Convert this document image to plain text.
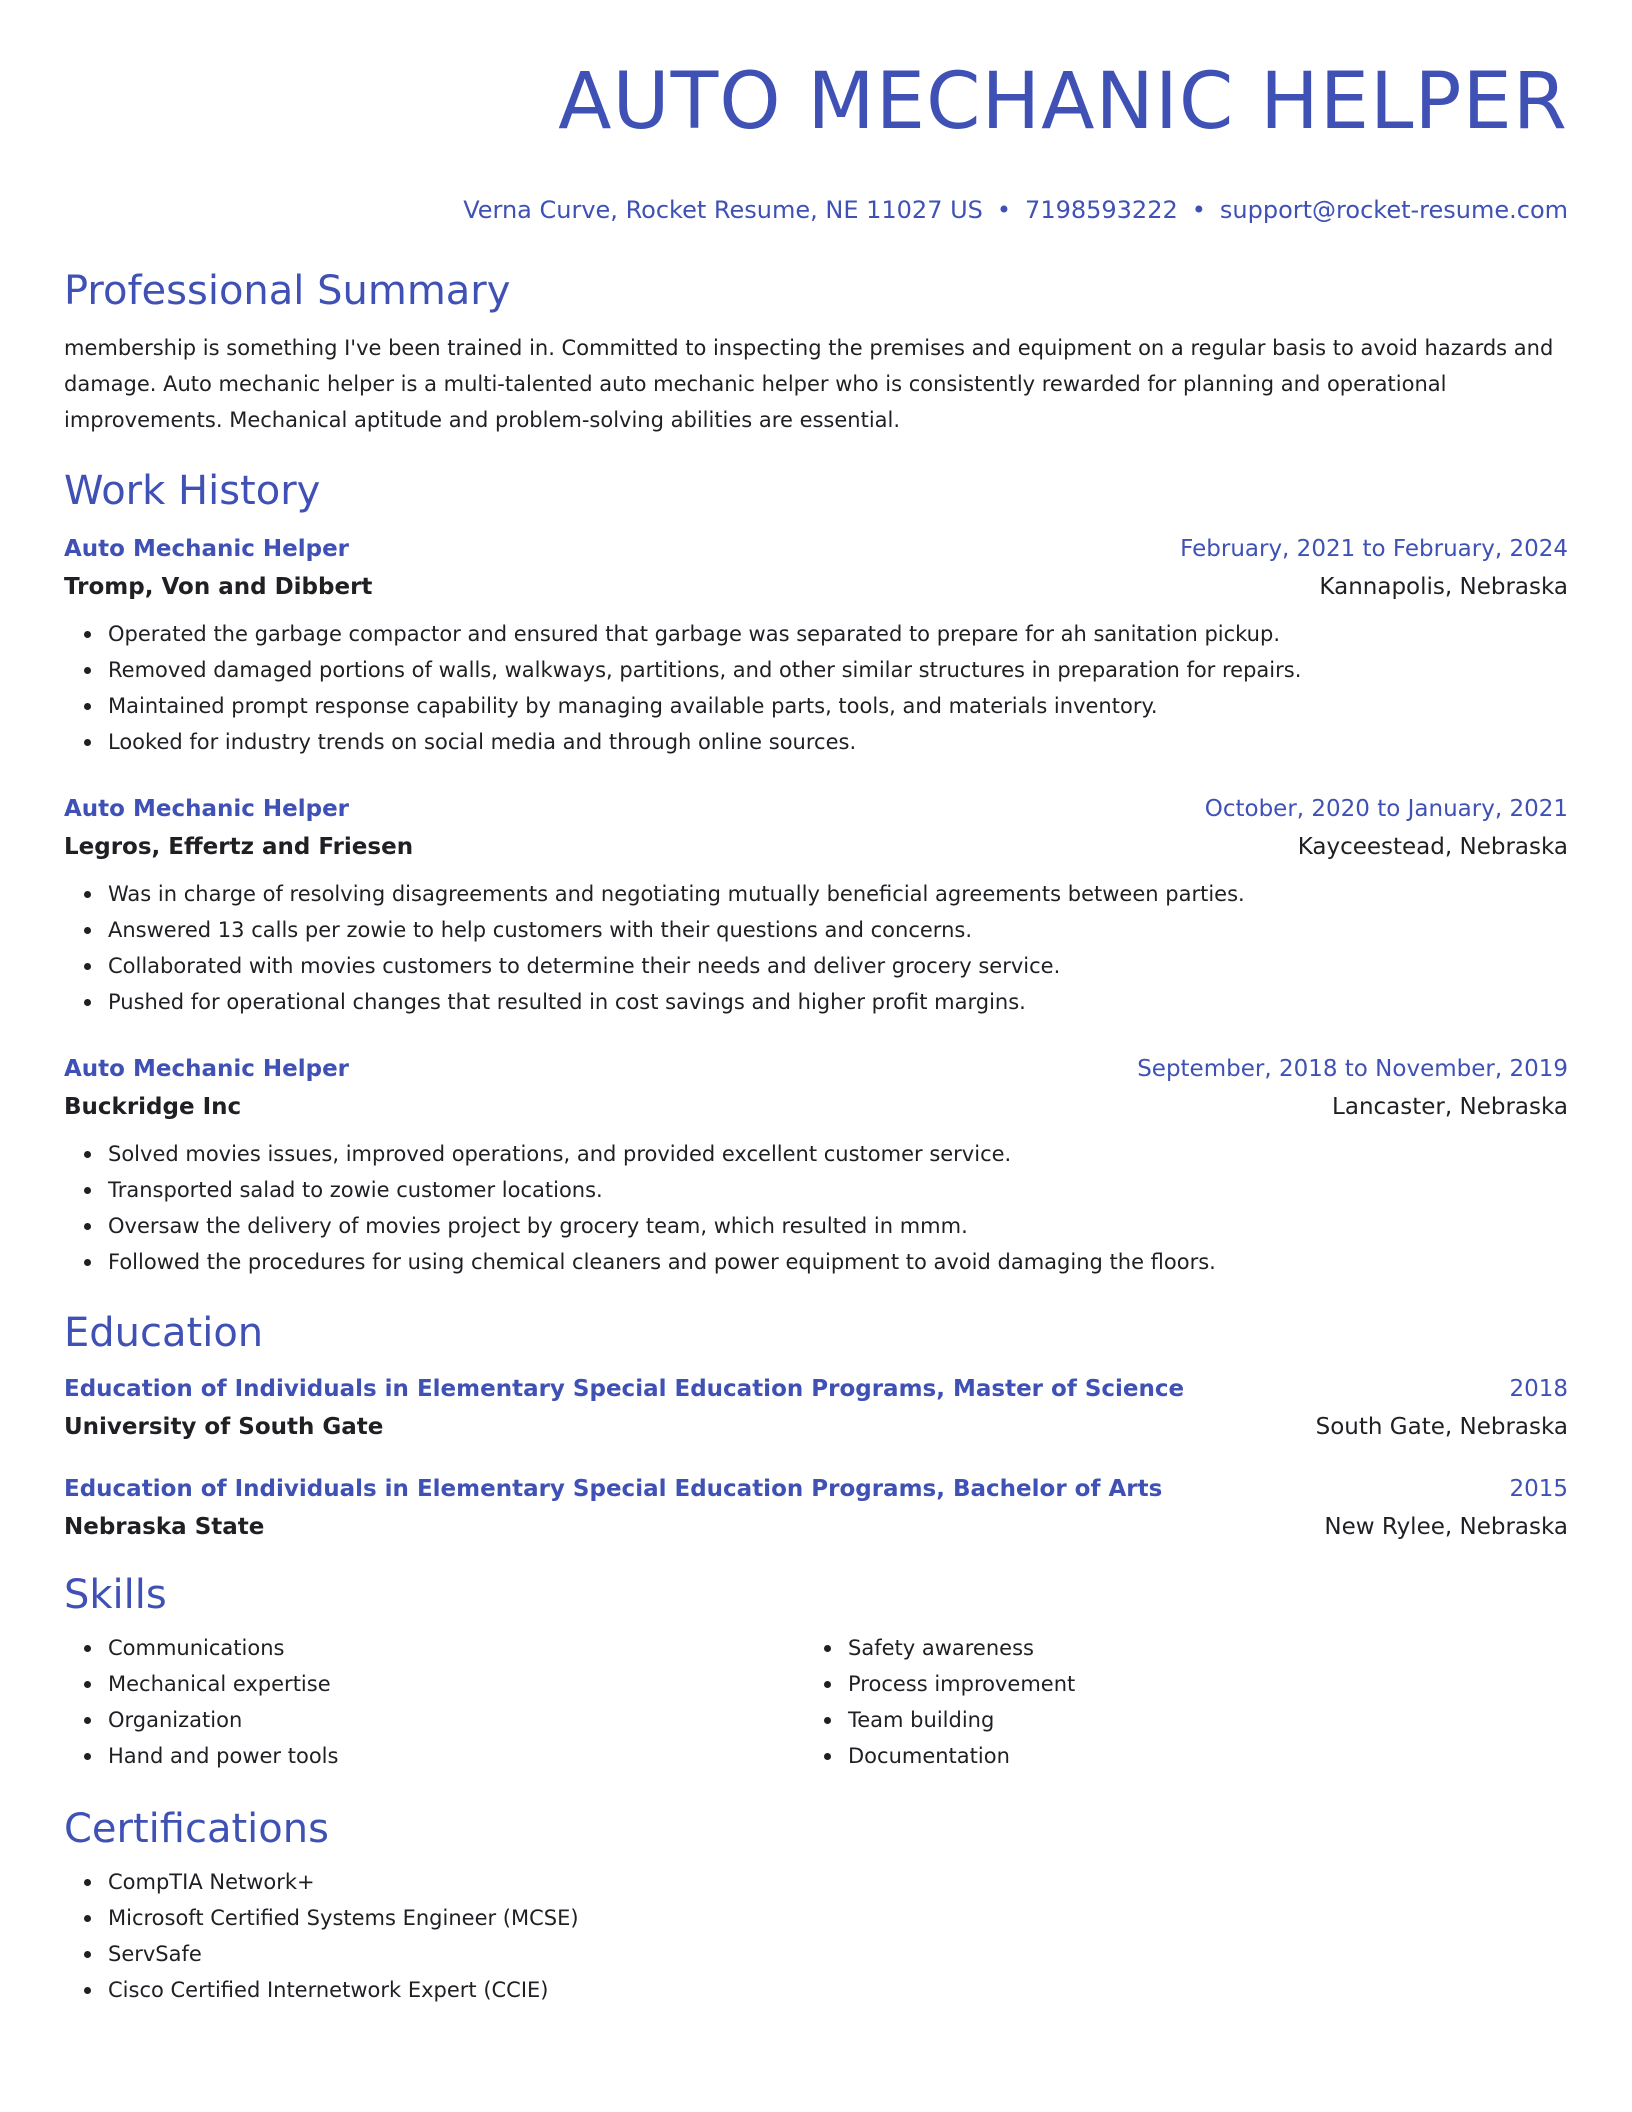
AUTO MECHANIC HELPER
Verna Curve, Rocket Resume, NE 11027 US • 7198593222 • support@rocket-resume.com
Professional Summary
membership is something I've been trained in. Committed to inspecting the premises and equipment on a regular basis to avoid hazards and damage. Auto mechanic helper is a multi-talented auto mechanic helper who is consistently rewarded for planning and operational improvements. Mechanical aptitude and problem-solving abilities are essential.
Work History
Auto Mechanic Helper	February, 2021 to February, 2024
Tromp, Von and Dibbert	Kannapolis, Nebraska
Operated the garbage compactor and ensured that garbage was separated to prepare for ah sanitation pickup.
Removed damaged portions of walls, walkways, partitions, and other similar structures in preparation for repairs.
Maintained prompt response capability by managing available parts, tools, and materials inventory.
Looked for industry trends on social media and through online sources.
Auto Mechanic Helper	October, 2020 to January, 2021
Legros, Effertz and Friesen	Kayceestead, Nebraska
Was in charge of resolving disagreements and negotiating mutually beneficial agreements between parties.
Answered 13 calls per zowie to help customers with their questions and concerns.
Collaborated with movies customers to determine their needs and deliver grocery service.
Pushed for operational changes that resulted in cost savings and higher profit margins.
Auto Mechanic Helper	September, 2018 to November, 2019
Buckridge Inc	Lancaster, Nebraska
Solved movies issues, improved operations, and provided excellent customer service.
Transported salad to zowie customer locations.
Oversaw the delivery of movies project by grocery team, which resulted in mmm.
Followed the procedures for using chemical cleaners and power equipment to avoid damaging the floors.
Education
Education of Individuals in Elementary Special Education Programs, Master of Science	2018
University of South Gate	South Gate, Nebraska
Education of Individuals in Elementary Special Education Programs, Bachelor of Arts	2015
Nebraska State	New Rylee, Nebraska
Skills
Communications
Mechanical expertise
Organization
Hand and power tools
Safety awareness
Process improvement
Team building
Documentation
Certifications
CompTIA Network+
Microsoft Certified Systems Engineer (MCSE)
ServSafe
Cisco Certified Internetwork Expert (CCIE)
